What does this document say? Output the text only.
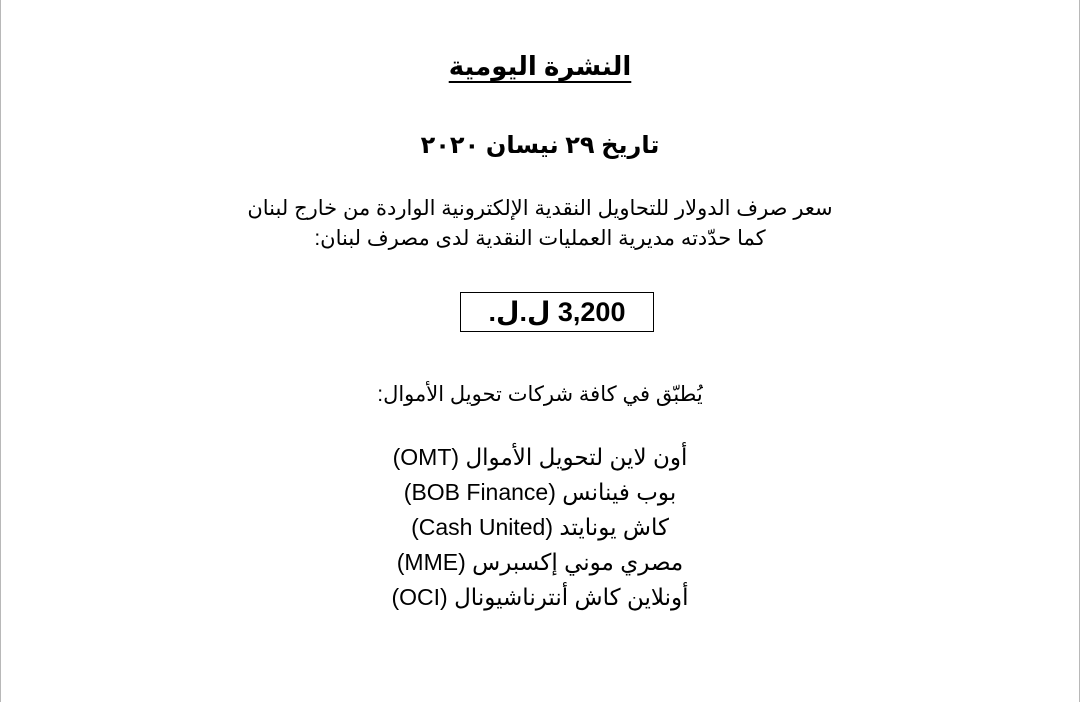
النشرة اليومية
تاريخ ٢٩ نيسان ٢٠٢٠
سعر صرف الدولار للتحاويل النقدية الإلكترونية الواردة من خارج لبنان
كما حدّدته مديرية العمليات النقدية لدى مصرف لبنان:
3,200 ل.ل.

يُطبّق في كافة شركات تحويل الأموال:

أون لاين لتحويل الأموال (OMT)
بوب فينانس (BOB Finance)
كاش يونايتد (Cash United)
مصري موني إكسبرس (MME)
أونلاين كاش أنترناشيونال (OCI)
